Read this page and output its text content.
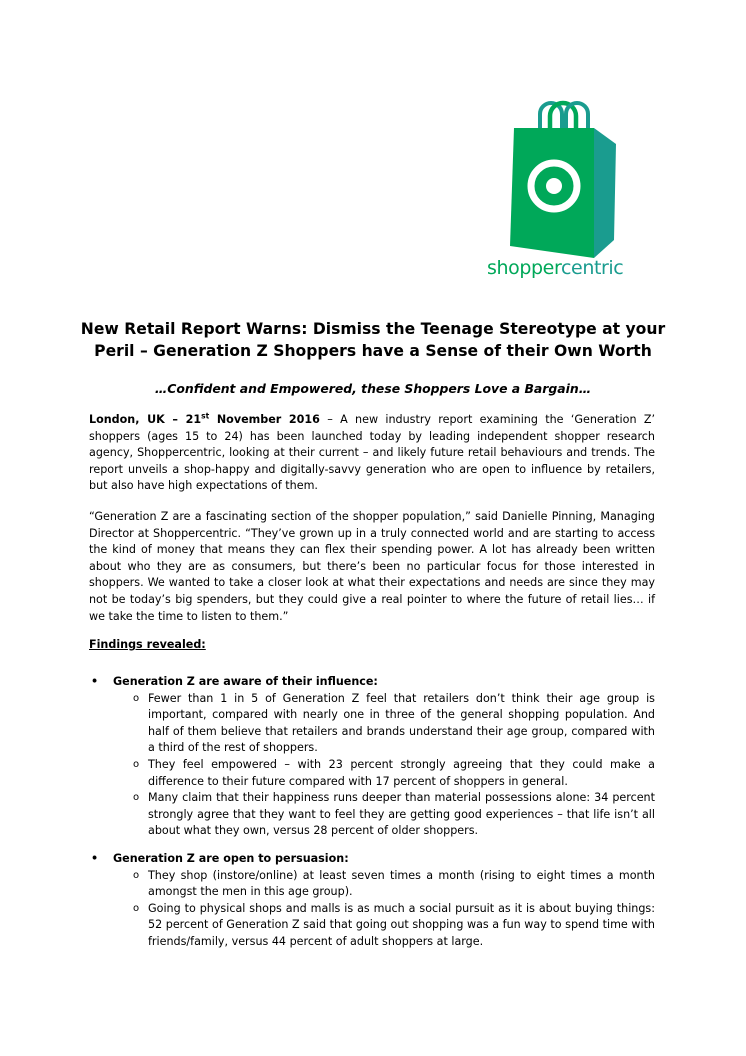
shoppercentric
New Retail Report Warns: Dismiss the Teenage Stereotype at your
Peril – Generation Z Shoppers have a Sense of their Own Worth
…Confident and Empowered, these Shoppers Love a Bargain…
London, UK – 21st November 2016 – A new industry report examining the ‘Generation Z’ shoppers (ages 15 to 24) has been launched today by leading independent shopper research agency, Shoppercentric, looking at their current – and likely future retail behaviours and trends. The report unveils a shop-happy and digitally-savvy generation who are open to influence by retailers, but also have high expectations of them.
“Generation Z are a fascinating section of the shopper population,” said Danielle Pinning, Managing Director at Shoppercentric. “They’ve grown up in a truly connected world and are starting to access the kind of money that means they can flex their spending power. A lot has already been written about who they are as consumers, but there’s been no particular focus for those interested in shoppers. We wanted to take a closer look at what their expectations and needs are since they may not be today’s big spenders, but they could give a real pointer to where the future of retail lies… if we take the time to listen to them.”
Findings revealed:
• Generation Z are aware of their influence:
o Fewer than 1 in 5 of Generation Z feel that retailers don’t think their age group is important, compared with nearly one in three of the general shopping population. And half of them believe that retailers and brands understand their age group, compared with a third of the rest of shoppers.
o They feel empowered – with 23 percent strongly agreeing that they could make a difference to their future compared with 17 percent of shoppers in general.
o Many claim that their happiness runs deeper than material possessions alone: 34 percent strongly agree that they want to feel they are getting good experiences – that life isn’t all about what they own, versus 28 percent of older shoppers.
• Generation Z are open to persuasion:
o They shop (instore/online) at least seven times a month (rising to eight times a month amongst the men in this age group).
o Going to physical shops and malls is as much a social pursuit as it is about buying things: 52 percent of Generation Z said that going out shopping was a fun way to spend time with friends/family, versus 44 percent of adult shoppers at large.
